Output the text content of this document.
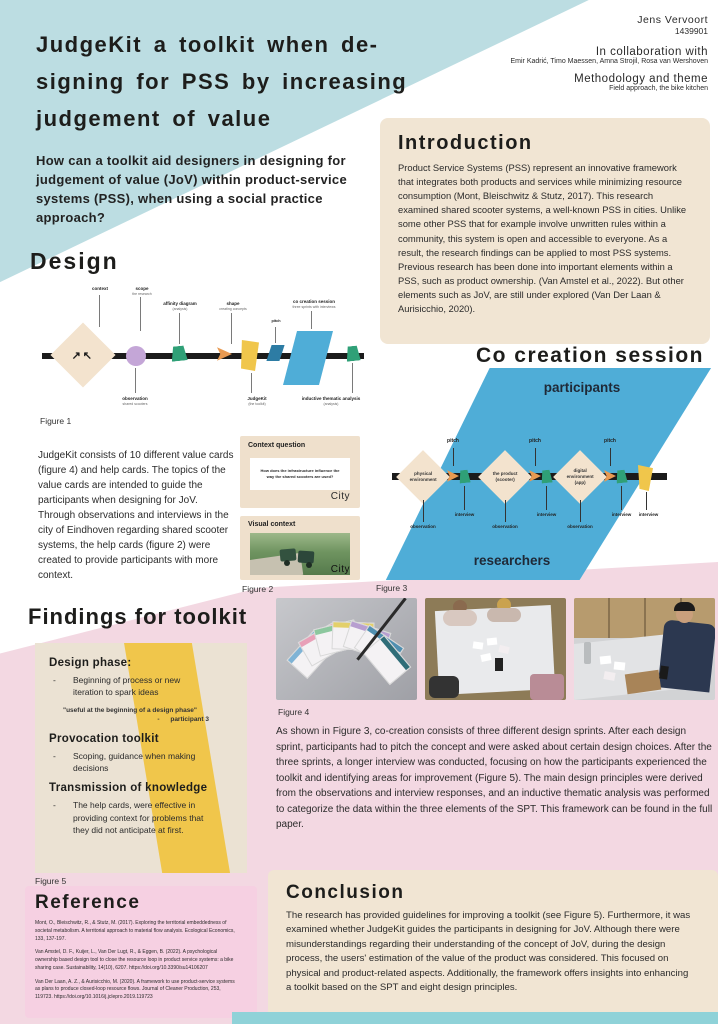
JudgeKit a toolkit when de-
signing for PSS by increasing
judgement of value
How can a toolkit aid designers in designing for judgement of value (JoV) within product-service systems (PSS), when using a social practice approach?
Jens Vervoort
1439901
In collaboration with
Emir Kadrić, Timo Maessen, Amna Strojil, Rosa van Wershoven
Methodology and theme
Field approach, the bike kitchen
Introduction
Product Service Systems (PSS) represent an innovative framework that integrates both products and services while minimizing resource consumption (Mont, Bleischwitz & Stutz, 2017). This research examined shared scooter systems, a well-known PSS in cities. Unlike some other PSS that for example involve unwritten rules within a community, this system is open and accessible to everyone. As a result, the research findings can be applied to most PSS systems. Previous research has been done into important elements within a PSS, such as product ownership. (Van Amstel et al., 2022). But other elements such as JoV, are still under explored (Van Der Laan & Aurisicchio, 2020).
Design
↗↖
context	scope
the research
affinity diagram
(analysis)
shape
creating concepts
pitch
co creation session
three sprints with interviews
observation
shared scooters
JudgeKit
(the toolkit)
inductive thematic analysis
(analysis)
Figure 1
JudgeKit consists of 10 different value cards (figure 4) and help cards. The topics of the value cards are intended to guide the participants when designing for JoV. Through observations and interviews in the city of Eindhoven regarding shared scooter systems, the help cards (figure 2) were created to provide participants with more context.
Context question
How does the infrastructure influence the way the shared scooters are used?
City
Visual context
City
Figure 2
Co creation session
participants
researchers
physical environment
the product (scooter)
digital environment (app)
pitch	pitch	pitch
observation	observation	observation
interview	interview	interview	interview
Figure 3
Figure 4
As shown in Figure 3, co-creation consists of three different design sprints. After each design sprint, participants had to pitch the concept and were asked about certain design choices. After the three sprints, a longer interview was conducted, focusing on how the participants experienced the toolkit and identifying areas for improvement (Figure 5). The main design principles were derived from the observations and interview responses, and an inductive thematic analysis was performed to categorize the data within the three elements of the SPT. This framework can be found in the full paper.
Findings for toolkit
Design phase:
-	Beginning of process or new iteration to spark ideas
"useful at the beginning of a design phase"
-      participant 3
Provocation toolkit
-	Scoping, guidance when making decisions
Transmission of knowledge
-	The help cards, were effective in providing context for problems that they did not anticipate at first.
Figure 5
Reference
Mont, O., Bleischwitz, R., & Stutz, M. (2017). Exploring the territorial embeddedness of societal metabolism. A territorial approach to material flow analysis. Ecological Economics, 133, 137-197.
Van Amstel, D. F., Kuijer, L., Van Der Lugt, R., & Eggen, B. (2022). A psychological ownership based design tool to close the resource loop in product service systems: a bike sharing case. Sustainability, 14(10), 6207. https://doi.org/10.3390/su14106207
Van Der Laan, A. Z., & Aurisicchio, M. (2020). A framework to use product-service systems as plans to produce closed-loop resource flows. Journal of Cleaner Production, 253, 119723. https://doi.org/10.1016/j.jclepro.2019.119723
Conclusion
The research has provided guidelines for improving a toolkit (see Figure 5). Furthermore, it was examined whether JudgeKit guides the participants in designing for JoV. Although there were misunderstandings regarding their understanding of the concept of JoV, during the design process, the users' estimation of the value of the product was considered. This focused on physical and product-related aspects. Additionally, the framework offers insights into enhancing a toolkit based on the SPT and eight design principles.
